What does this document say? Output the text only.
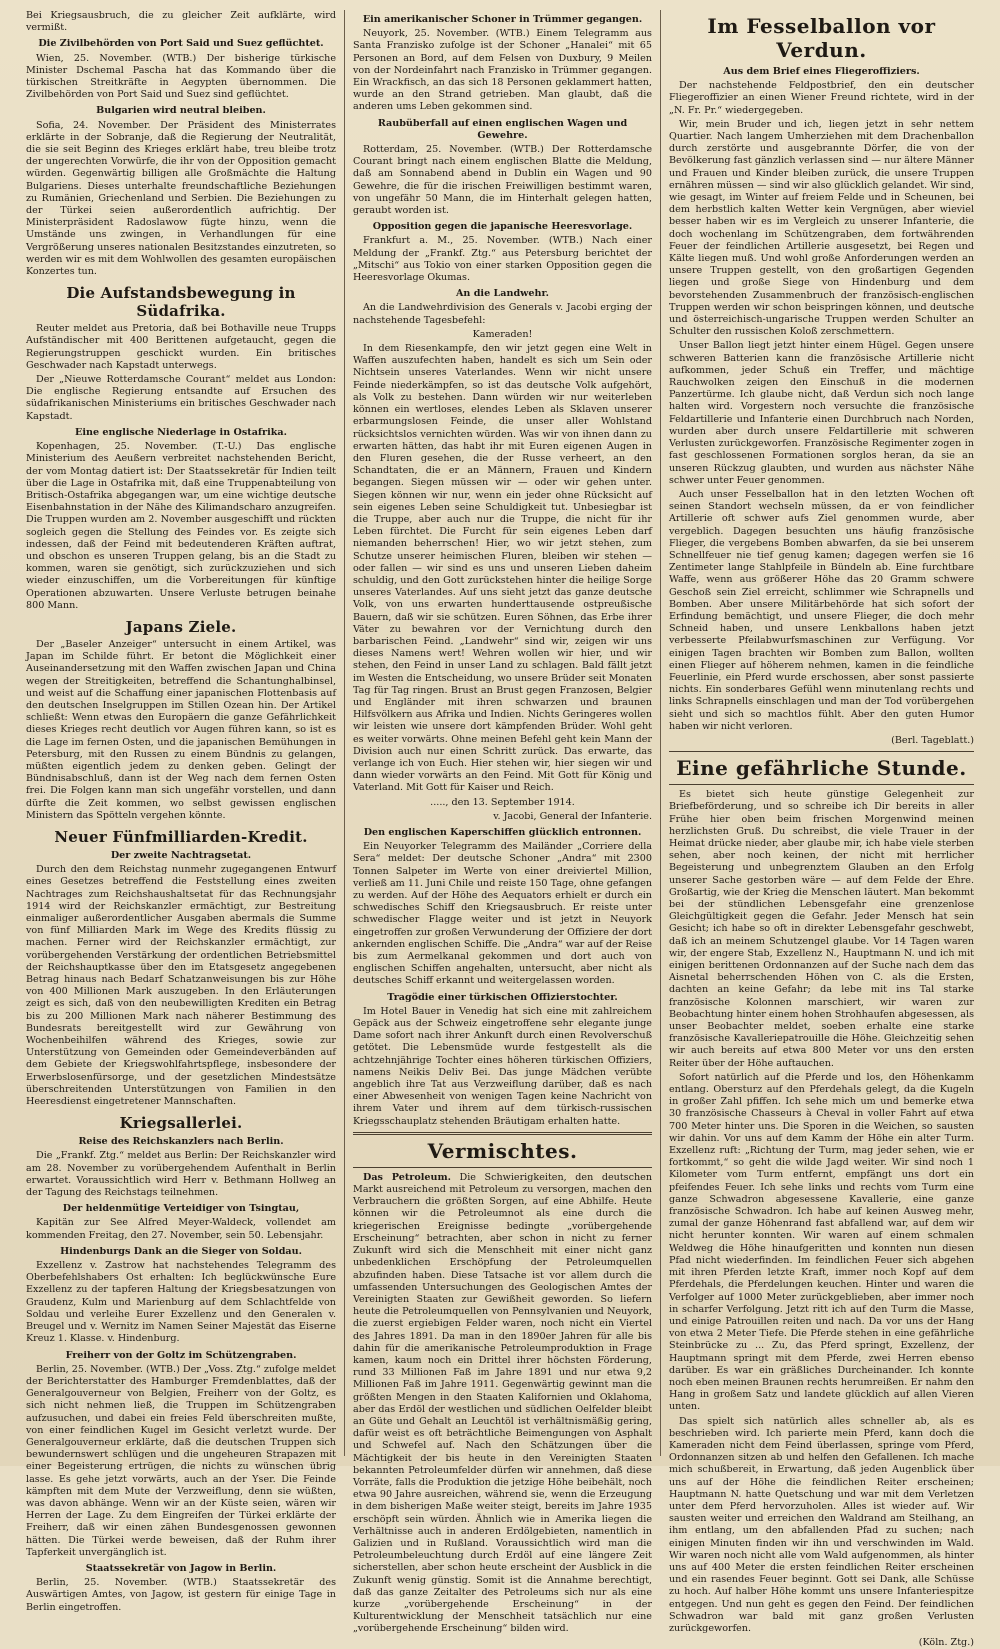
Bei Kriegsausbruch, die zu gleicher Zeit aufklärte, wird vermißt.

Die Zivilbehörden von Port Said und Suez geflüchtet.

Wien, 25. November. (WTB.) Der bisherige türkische Minister Dschemal Pascha hat das Kommando über die türkischen Streitkräfte in Aegypten übernommen. Die Zivilbehörden von Port Said und Suez sind geflüchtet.

Bulgarien wird neutral bleiben.

Sofia, 24. November. Der Präsident des Ministerrates erklärte in der Sobranje, daß die Regierung der Neutralität, die sie seit Beginn des Krieges erklärt habe, treu bleibe trotz der ungerechten Vorwürfe, die ihr von der Opposition gemacht würden. Gegenwärtig billigen alle Großmächte die Haltung Bulgariens. Dieses unterhalte freundschaftliche Beziehungen zu Rumänien, Griechenland und Serbien. Die Beziehungen zu der Türkei seien außerordentlich aufrichtig. Der Ministerpräsident Radoslawow fügte hinzu, wenn die Umstände uns zwingen, in Verhandlungen für eine Vergrößerung unseres nationalen Besitzstandes einzutreten, so werden wir es mit dem Wohlwollen des gesamten europäischen Konzertes tun.

Die Aufstandsbewegung in Südafrika.

Reuter meldet aus Pretoria, daß bei Bothaville neue Trupps Aufständischer mit 400 Berittenen aufgetaucht, gegen die Regierungstruppen geschickt wurden. Ein britisches Geschwader nach Kapstadt unterwegs.

Der „Nieuwe Rotterdamsche Courant“ meldet aus London: Die englische Regierung entsandte auf Ersuchen des südafrikanischen Ministeriums ein britisches Geschwader nach Kapstadt.

Eine englische Niederlage in Ostafrika.

Kopenhagen, 25. November. (T.-U.) Das englische Ministerium des Aeußern verbreitet nachstehenden Bericht, der vom Montag datiert ist: Der Staatssekretär für Indien teilt über die Lage in Ostafrika mit, daß eine Truppenabteilung von Britisch-Ostafrika abgegangen war, um eine wichtige deutsche Eisenbahnstation in der Nähe des Kilimandscharo anzugreifen. Die Truppen wurden am 2. November ausgeschifft und rückten sogleich gegen die Stellung des Feindes vor. Es zeigte sich indessen, daß der Feind mit bedeutenderen Kräften auftrat, und obschon es unseren Truppen gelang, bis an die Stadt zu kommen, waren sie genötigt, sich zurückzuziehen und sich wieder einzuschiffen, um die Vorbereitungen für künftige Operationen abzuwarten. Unsere Verluste betrugen beinahe 800 Mann.

Japans Ziele.

Der „Baseler Anzeiger“ untersucht in einem Artikel, was Japan im Schilde führt. Er betont die Möglichkeit einer Auseinandersetzung mit den Waffen zwischen Japan und China wegen der Streitigkeiten, betreffend die Schantunghalbinsel, und weist auf die Schaffung einer japanischen Flottenbasis auf den deutschen Inselgruppen im Stillen Ozean hin. Der Artikel schließt: Wenn etwas den Europäern die ganze Gefährlichkeit dieses Krieges recht deutlich vor Augen führen kann, so ist es die Lage im fernen Osten, und die japanischen Bemühungen in Petersburg, mit den Russen zu einem Bündnis zu gelangen, müßten eigentlich jedem zu denken geben. Gelingt der Bündnisabschluß, dann ist der Weg nach dem fernen Osten frei. Die Folgen kann man sich ungefähr vorstellen, und dann dürfte die Zeit kommen, wo selbst gewissen englischen Ministern das Spötteln vergehen könnte.

Neuer Fünfmilliarden-Kredit.
Der zweite Nachtragsetat.

Durch den dem Reichstag nunmehr zugegangenen Entwurf eines Gesetzes betreffend die Feststellung eines zweiten Nachtrages zum Reichshaushaltsetat für das Rechnungsjahr 1914 wird der Reichskanzler ermächtigt, zur Bestreitung einmaliger außerordentlicher Ausgaben abermals die Summe von fünf Milliarden Mark im Wege des Kredits flüssig zu machen. Ferner wird der Reichskanzler ermächtigt, zur vorübergehenden Verstärkung der ordentlichen Betriebsmittel der Reichshauptkasse über den im Etatsgesetz angegebenen Betrag hinaus nach Bedarf Schatzanweisungen bis zur Höhe von 400 Millionen Mark auszugeben. In den Erläuterungen zeigt es sich, daß von den neubewilligten Krediten ein Betrag bis zu 200 Millionen Mark nach näherer Bestimmung des Bundesrats bereitgestellt wird zur Gewährung von Wochenbeihilfen während des Krieges, sowie zur Unterstützung von Gemeinden oder Gemeindeverbänden auf dem Gebiete der Kriegswohlfahrtspflege, insbesondere der Erwerbslosenfürsorge, und der gesetzlichen Mindestsätze überschreitenden Unterstützungen von Familien in den Heeresdienst eingetretener Mannschaften.

Kriegsallerlei.
Reise des Reichskanzlers nach Berlin.

Die „Frankf. Ztg.“ meldet aus Berlin: Der Reichskanzler wird am 28. November zu vorübergehendem Aufenthalt in Berlin erwartet. Voraussichtlich wird Herr v. Bethmann Hollweg an der Tagung des Reichstags teilnehmen.

Der heldenmütige Verteidiger von Tsingtau,

Kapitän zur See Alfred Meyer-Waldeck, vollendet am kommenden Freitag, den 27. November, sein 50. Lebensjahr.

Hindenburgs Dank an die Sieger von Soldau.

Exzellenz v. Zastrow hat nachstehendes Telegramm des Oberbefehlshabers Ost erhalten: Ich beglückwünsche Eure Exzellenz zu der tapferen Haltung der Kriegsbesatzungen von Graudenz, Kulm und Marienburg auf dem Schlachtfelde von Soldau und verleihe Eurer Exzellenz und den Generalen v. Breugel und v. Wernitz im Namen Seiner Majestät das Eiserne Kreuz 1. Klasse. v. Hindenburg.

Freiherr von der Goltz im Schützengraben.

Berlin, 25. November. (WTB.) Der „Voss. Ztg.“ zufolge meldet der Berichterstatter des Hamburger Fremdenblattes, daß der Generalgouverneur von Belgien, Freiherr von der Goltz, es sich nicht nehmen ließ, die Truppen im Schützengraben aufzusuchen, und dabei ein freies Feld überschreiten mußte, von einer feindlichen Kugel im Gesicht verletzt wurde. Der Generalgouverneur erklärte, daß die deutschen Truppen sich bewundernswert schlügen und die ungeheuren Strapazen mit einer Begeisterung ertrügen, die nichts zu wünschen übrig lasse. Es gehe jetzt vorwärts, auch an der Yser. Die Feinde kämpften mit dem Mute der Verzweiflung, denn sie wüßten, was davon abhänge. Wenn wir an der Küste seien, wären wir Herren der Lage. Zu dem Eingreifen der Türkei erklärte der Freiherr, daß wir einen zähen Bundesgenossen gewonnen hätten. Die Türkei werde beweisen, daß der Ruhm ihrer Tapferkeit unvergänglich ist.

Staatssekretär von Jagow in Berlin.

Berlin, 25. November. (WTB.) Staatssekretär des Auswärtigen Amtes, von Jagow, ist gestern für einige Tage in Berlin eingetroffen.

Ein amerikanischer Schoner in Trümmer gegangen.

Neuyork, 25. November. (WTB.) Einem Telegramm aus Santa Franzisko zufolge ist der Schoner „Hanalei“ mit 65 Personen an Bord, auf dem Felsen von Duxbury, 9 Meilen von der Nordeinfahrt nach Franzisko in Trümmer gegangen. Ein Wrackfisch, an das sich 18 Personen geklammert hatten, wurde an den Strand getrieben. Man glaubt, daß die anderen ums Leben gekommen sind.

Raubüberfall auf einen englischen Wagen und Gewehre.

Rotterdam, 25. November. (WTB.) Der Rotterdamsche Courant bringt nach einem englischen Blatte die Meldung, daß am Sonnabend abend in Dublin ein Wagen und 90 Gewehre, die für die irischen Freiwilligen bestimmt waren, von ungefähr 50 Mann, die im Hinterhalt gelegen hatten, geraubt worden ist.

Opposition gegen die japanische Heeresvorlage.

Frankfurt a. M., 25. November. (WTB.) Nach einer Meldung der „Frankf. Ztg.“ aus Petersburg berichtet der „Mitschi“ aus Tokio von einer starken Opposition gegen die Heeresvorlage Okumas.

An die Landwehr.

An die Landwehrdivision des Generals v. Jacobi erging der nachstehende Tagesbefehl:

Kameraden!

In dem Riesenkampfe, den wir jetzt gegen eine Welt in Waffen auszufechten haben, handelt es sich um Sein oder Nichtsein unseres Vaterlandes. Wenn wir nicht unsere Feinde niederkämpfen, so ist das deutsche Volk aufgehört, als Volk zu bestehen. Dann würden wir nur weiterleben können ein wertloses, elendes Leben als Sklaven unserer erbarmungslosen Feinde, die unser aller Wohlstand rücksichtslos vernichten würden. Was wir von ihnen dann zu erwarten hätten, das habt ihr mit Euren eigenen Augen in den Fluren gesehen, die der Russe verheert, an den Schandtaten, die er an Männern, Frauen und Kindern begangen. Siegen müssen wir — oder wir gehen unter. Siegen können wir nur, wenn ein jeder ohne Rücksicht auf sein eigenes Leben seine Schuldigkeit tut. Unbesiegbar ist die Truppe, aber auch nur die Truppe, die nicht für ihr Leben fürchtet. Die Furcht für sein eigenes Leben darf niemanden beherrschen! Hier, wo wir jetzt stehen, zum Schutze unserer heimischen Fluren, bleiben wir stehen — oder fallen — wir sind es uns und unseren Lieben daheim schuldig, und den Gott zurückstehen hinter die heilige Sorge unseres Vaterlandes. Auf uns sieht jetzt das ganze deutsche Volk, von uns erwarten hunderttausende ostpreußische Bauern, daß wir sie schützen. Euren Söhnen, das Erbe ihrer Väter zu bewahren vor der Vernichtung durch den barbarischen Feind. „Landwehr“ sind wir, zeigen wir uns dieses Namens wert! Wehren wollen wir hier, und wir stehen, den Feind in unser Land zu schlagen. Bald fällt jetzt im Westen die Entscheidung, wo unsere Brüder seit Monaten Tag für Tag ringen. Brust an Brust gegen Franzosen, Belgier und Engländer mit ihren schwarzen und braunen Hilfsvölkern aus Afrika und Indien. Nichts Geringeres wollen wir leisten wie unsere dort kämpfenden Brüder. Wohl geht es weiter vorwärts. Ohne meinen Befehl geht kein Mann der Division auch nur einen Schritt zurück. Das erwarte, das verlange ich von Euch. Hier stehen wir, hier siegen wir und dann wieder vorwärts an den Feind. Mit Gott für König und Vaterland. Mit Gott für Kaiser und Reich.

....., den 13. September 1914.

v. Jacobi, General der Infanterie.

Den englischen Kaperschiffen glücklich entronnen.

Ein Neuyorker Telegramm des Mailänder „Corriere della Sera“ meldet: Der deutsche Schoner „Andra“ mit 2300 Tonnen Salpeter im Werte von einer dreiviertel Million, verließ am 11. Juni Chile und reiste 150 Tage, ohne gefangen zu werden. Auf der Höhe des Aequators erhielt er durch ein schwedisches Schiff den Kriegsausbruch. Er reiste unter schwedischer Flagge weiter und ist jetzt in Neuyork eingetroffen zur großen Verwunderung der Offiziere der dort ankernden englischen Schiffe. Die „Andra“ war auf der Reise bis zum Aermelkanal gekommen und dort auch von englischen Schiffen angehalten, untersucht, aber nicht als deutsches Schiff erkannt und weitergelassen worden.

Tragödie einer türkischen Offizierstochter.

Im Hotel Bauer in Venedig hat sich eine mit zahlreichem Gepäck aus der Schweiz eingetroffene sehr elegante junge Dame sofort nach ihrer Ankunft durch einen Revolverschuß getötet. Die Lebensmüde wurde festgestellt als die achtzehnjährige Tochter eines höheren türkischen Offiziers, namens Neikis Deliv Bei. Das junge Mädchen verübte angeblich ihre Tat aus Verzweiflung darüber, daß es nach einer Abwesenheit von wenigen Tagen keine Nachricht von ihrem Vater und ihrem auf dem türkisch-russischen Kriegsschauplatz stehenden Bräutigam erhalten hatte.

Vermischtes.

Das Petroleum. Die Schwierigkeiten, den deutschen Markt ausreichend mit Petroleum zu versorgen, machen den Verbrauchern die größten Sorgen, auf eine Abhilfe. Heute können wir die Petroleumnot als eine durch die kriegerischen Ereignisse bedingte „vorübergehende Erscheinung“ betrachten, aber schon in nicht zu ferner Zukunft wird sich die Menschheit mit einer nicht ganz unbedenklichen Erschöpfung der Petroleumquellen abzufinden haben. Diese Tatsache ist vor allem durch die umfassenden Untersuchungen des Geologischen Amtes der Vereinigten Staaten zur Gewißheit geworden. So liefern heute die Petroleumquellen von Pennsylvanien und Neuyork, die zuerst ergiebigen Felder waren, noch nicht ein Viertel des Jahres 1891. Da man in den 1890er Jahren für alle bis dahin für die amerikanische Petroleumproduktion in Frage kamen, kaum noch ein Drittel ihrer höchsten Förderung, rund 33 Millionen Faß im Jahre 1891 und nur etwa 9,2 Millionen Faß im Jahre 1911. Gegenwärtig gewinnt man die größten Mengen in den Staaten Kalifornien und Oklahoma, aber das Erdöl der westlichen und südlichen Oelfelder bleibt an Güte und Gehalt an Leuchtöl ist verhältnismäßig gering, dafür weist es oft beträchtliche Beimengungen von Asphalt und Schwefel auf. Nach den Schätzungen über die Mächtigkeit der bis heute in den Vereinigten Staaten bekannten Petroleumfelder dürfen wir annehmen, daß diese Vorräte, falls die Produktion die jetzige Höhe beibehält, noch etwa 90 Jahre ausreichen, während sie, wenn die Erzeugung in dem bisherigen Maße weiter steigt, bereits im Jahre 1935 erschöpft sein würden. Ähnlich wie in Amerika liegen die Verhältnisse auch in anderen Erdölgebieten, namentlich in Galizien und in Rußland. Voraussichtlich wird man die Petroleumbeleuchtung durch Erdöl auf eine längere Zeit sicherstellen, aber schon heute erscheint der Ausblick in die Zukunft wenig günstig. Somit ist die Annahme berechtigt, daß das ganze Zeitalter des Petroleums sich nur als eine kurze „vorübergehende Erscheinung“ in der Kulturentwicklung der Menschheit tatsächlich nur eine „vorübergehende Erscheinung“ bilden wird.

Im Fesselballon vor Verdun.
Aus dem Brief eines Fliegeroffiziers.

Der nachstehende Feldpostbrief, den ein deutscher Fliegeroffizier an einen Wiener Freund richtete, wird in der „N. Fr. Pr.“ wiedergegeben.

Wir, mein Bruder und ich, liegen jetzt in sehr nettem Quartier. Nach langem Umherziehen mit dem Drachenballon durch zerstörte und ausgebrannte Dörfer, die von der Bevölkerung fast gänzlich verlassen sind — nur ältere Männer und Frauen und Kinder bleiben zurück, die unsere Truppen ernähren müssen — sind wir also glücklich gelandet. Wir sind, wie gesagt, im Winter auf freiem Felde und in Scheunen, bei dem herbstlich kalten Wetter kein Vergnügen, aber wieviel besser haben wir es im Vergleich zu unserer Infanterie, die doch wochenlang im Schützengraben, dem fortwährenden Feuer der feindlichen Artillerie ausgesetzt, bei Regen und Kälte liegen muß. Und wohl große Anforderungen werden an unsere Truppen gestellt, von den großartigen Gegenden liegen und große Siege von Hindenburg und dem bevorstehenden Zusammenbruch der französisch-englischen Truppen werden wir schon beispringen können, und deutsche und österreichisch-ungarische Truppen werden Schulter an Schulter den russischen Koloß zerschmettern.

Unser Ballon liegt jetzt hinter einem Hügel. Gegen unsere schweren Batterien kann die französische Artillerie nicht aufkommen, jeder Schuß ein Treffer, und mächtige Rauchwolken zeigen den Einschuß in die modernen Panzertürme. Ich glaube nicht, daß Verdun sich noch lange halten wird. Vorgestern noch versuchte die französische Feldartillerie und Infanterie einen Durchbruch nach Norden, wurden aber durch unsere Feldartillerie mit schweren Verlusten zurückgeworfen. Französische Regimenter zogen in fast geschlossenen Formationen sorglos heran, da sie an unseren Rückzug glaubten, und wurden aus nächster Nähe schwer unter Feuer genommen.

Auch unser Fesselballon hat in den letzten Wochen oft seinen Standort wechseln müssen, da er von feindlicher Artillerie oft schwer aufs Ziel genommen wurde, aber vergeblich. Dagegen besuchten uns häufig französische Flieger, die vergebens Bomben abwarfen, da sie bei unserem Schnellfeuer nie tief genug kamen; dagegen werfen sie 16 Zentimeter lange Stahlpfeile in Bündeln ab. Eine furchtbare Waffe, wenn aus größerer Höhe das 20 Gramm schwere Geschoß sein Ziel erreicht, schlimmer wie Schrapnells und Bomben. Aber unsere Militärbehörde hat sich sofort der Erfindung bemächtigt, und unsere Flieger, die doch mehr Schneid haben, und unsere Lenkballons haben jetzt verbesserte Pfeilabwurfsmaschinen zur Verfügung. Vor einigen Tagen brachten wir Bomben zum Ballon, wollten einen Flieger auf höherem nehmen, kamen in die feindliche Feuerlinie, ein Pferd wurde erschossen, aber sonst passierte nichts. Ein sonderbares Gefühl wenn minutenlang rechts und links Schrapnells einschlagen und man der Tod vorübergehen sieht und sich so machtlos fühlt. Aber den guten Humor haben wir nicht verloren.

(Berl. Tageblatt.)

Eine gefährliche Stunde.

Es bietet sich heute günstige Gelegenheit zur Briefbeförderung, und so schreibe ich Dir bereits in aller Frühe hier oben beim frischen Morgenwind meinen herzlichsten Gruß. Du schreibst, die viele Trauer in der Heimat drücke nieder, aber glaube mir, ich habe viele sterben sehen, aber noch keinen, der nicht mit herrlicher Begeisterung und unbegrenztem Glauben an den Erfolg unserer Sache gestorben wäre — auf dem Felde der Ehre. Großartig, wie der Krieg die Menschen läutert. Man bekommt bei der stündlichen Lebensgefahr eine grenzenlose Gleichgültigkeit gegen die Gefahr. Jeder Mensch hat sein Gesicht; ich habe so oft in direkter Lebensgefahr geschwebt, daß ich an meinem Schutzengel glaube. Vor 14 Tagen waren wir, der engere Stab, Exzellenz N., Hauptmann N. und ich mit einigen berittenen Ordonnanzen auf der Suche nach dem das Aisnetal beherrschenden Höhen von C. als die Ersten, dachten an keine Gefahr; da lebe mit ins Tal starke französische Kolonnen marschiert, wir waren zur Beobachtung hinter einem hohen Strohhaufen abgesessen, als unser Beobachter meldet, soeben erhalte eine starke französische Kavalleriepatrouille die Höhe. Gleichzeitig sehen wir auch bereits auf etwa 800 Meter vor uns den ersten Reiter über der Höhe auftauchen.

Sofort natürlich auf die Pferde und los, den Höhenkamm entlang. Obersturz auf den Pferdehals gelegt, da die Kugeln in großer Zahl pfiffen. Ich sehe mich um und bemerke etwa 30 französische Chasseurs à Cheval in voller Fahrt auf etwa 700 Meter hinter uns. Die Sporen in die Weichen, so sausten wir dahin. Vor uns auf dem Kamm der Höhe ein alter Turm. Exzellenz ruft: „Richtung der Turm, mag jeder sehen, wie er fortkommt,“ so geht die wilde Jagd weiter. Wir sind noch 1 Kilometer vom Turm entfernt, empfängt uns dort ein pfeifendes Feuer. Ich sehe links und rechts vom Turm eine ganze Schwadron abgesessene Kavallerie, eine ganze französische Schwadron. Ich habe auf keinen Ausweg mehr, zumal der ganze Höhenrand fast abfallend war, auf dem wir nicht herunter konnten. Wir waren auf einem schmalen Weldweg die Höhe hinaufgeritten und konnten nun diesen Pfad nicht wiederfinden. Im feindlichen Feuer sich abgehen mit ihren Pferden letzte Kraft, immer noch Kopf auf dem Pferdehals, die Pferdelungen keuchen. Hinter und waren die Verfolger auf 1000 Meter zurückgeblieben, aber immer noch in scharfer Verfolgung. Jetzt ritt ich auf den Turm die Masse, und einige Patrouillen reiten und nach. Da vor uns der Hang von etwa 2 Meter Tiefe. Die Pferde stehen in eine gefährliche Steinbrücke zu ... Zu, das Pferd springt, Exzellenz, der Hauptmann springt mit dem Pferde, zwei Herren ebenso darüber. Es war ein gräßliches Durcheinander. Ich konnte noch eben meinen Braunen rechts herumreißen. Er nahm den Hang in großem Satz und landete glücklich auf allen Vieren unten.

Das spielt sich natürlich alles schneller ab, als es beschrieben wird. Ich parierte mein Pferd, kann doch die Kameraden nicht dem Feind überlassen, springe vom Pferd, Ordonnanzen sitzen ab und helfen den Gefallenen. Ich mache mich schußbereit, in Erwartung, daß jeden Augenblick über uns auf der Höhe die feindlichen Reiter erscheinen; Hauptmann N. hatte Quetschung und war mit dem Verletzen unter dem Pferd hervorzuholen. Alles ist wieder auf. Wir sausten weiter und erreichen den Waldrand am Steilhang, an ihm entlang, um den abfallenden Pfad zu suchen; nach einigen Minuten finden wir ihn und verschwinden im Wald. Wir waren noch nicht alle vom Wald aufgenommen, als hinter uns auf 400 Meter die ersten feindlichen Reiter erscheinen und ein rasendes Feuer beginnt. Gott sei Dank, alle Schüsse zu hoch. Auf halber Höhe kommt uns unsere Infanteriespitze entgegen. Und nun geht es gegen den Feind. Der feindlichen Schwadron war bald mit ganz großen Verlusten zurückgeworfen.

(Köln. Ztg.)
